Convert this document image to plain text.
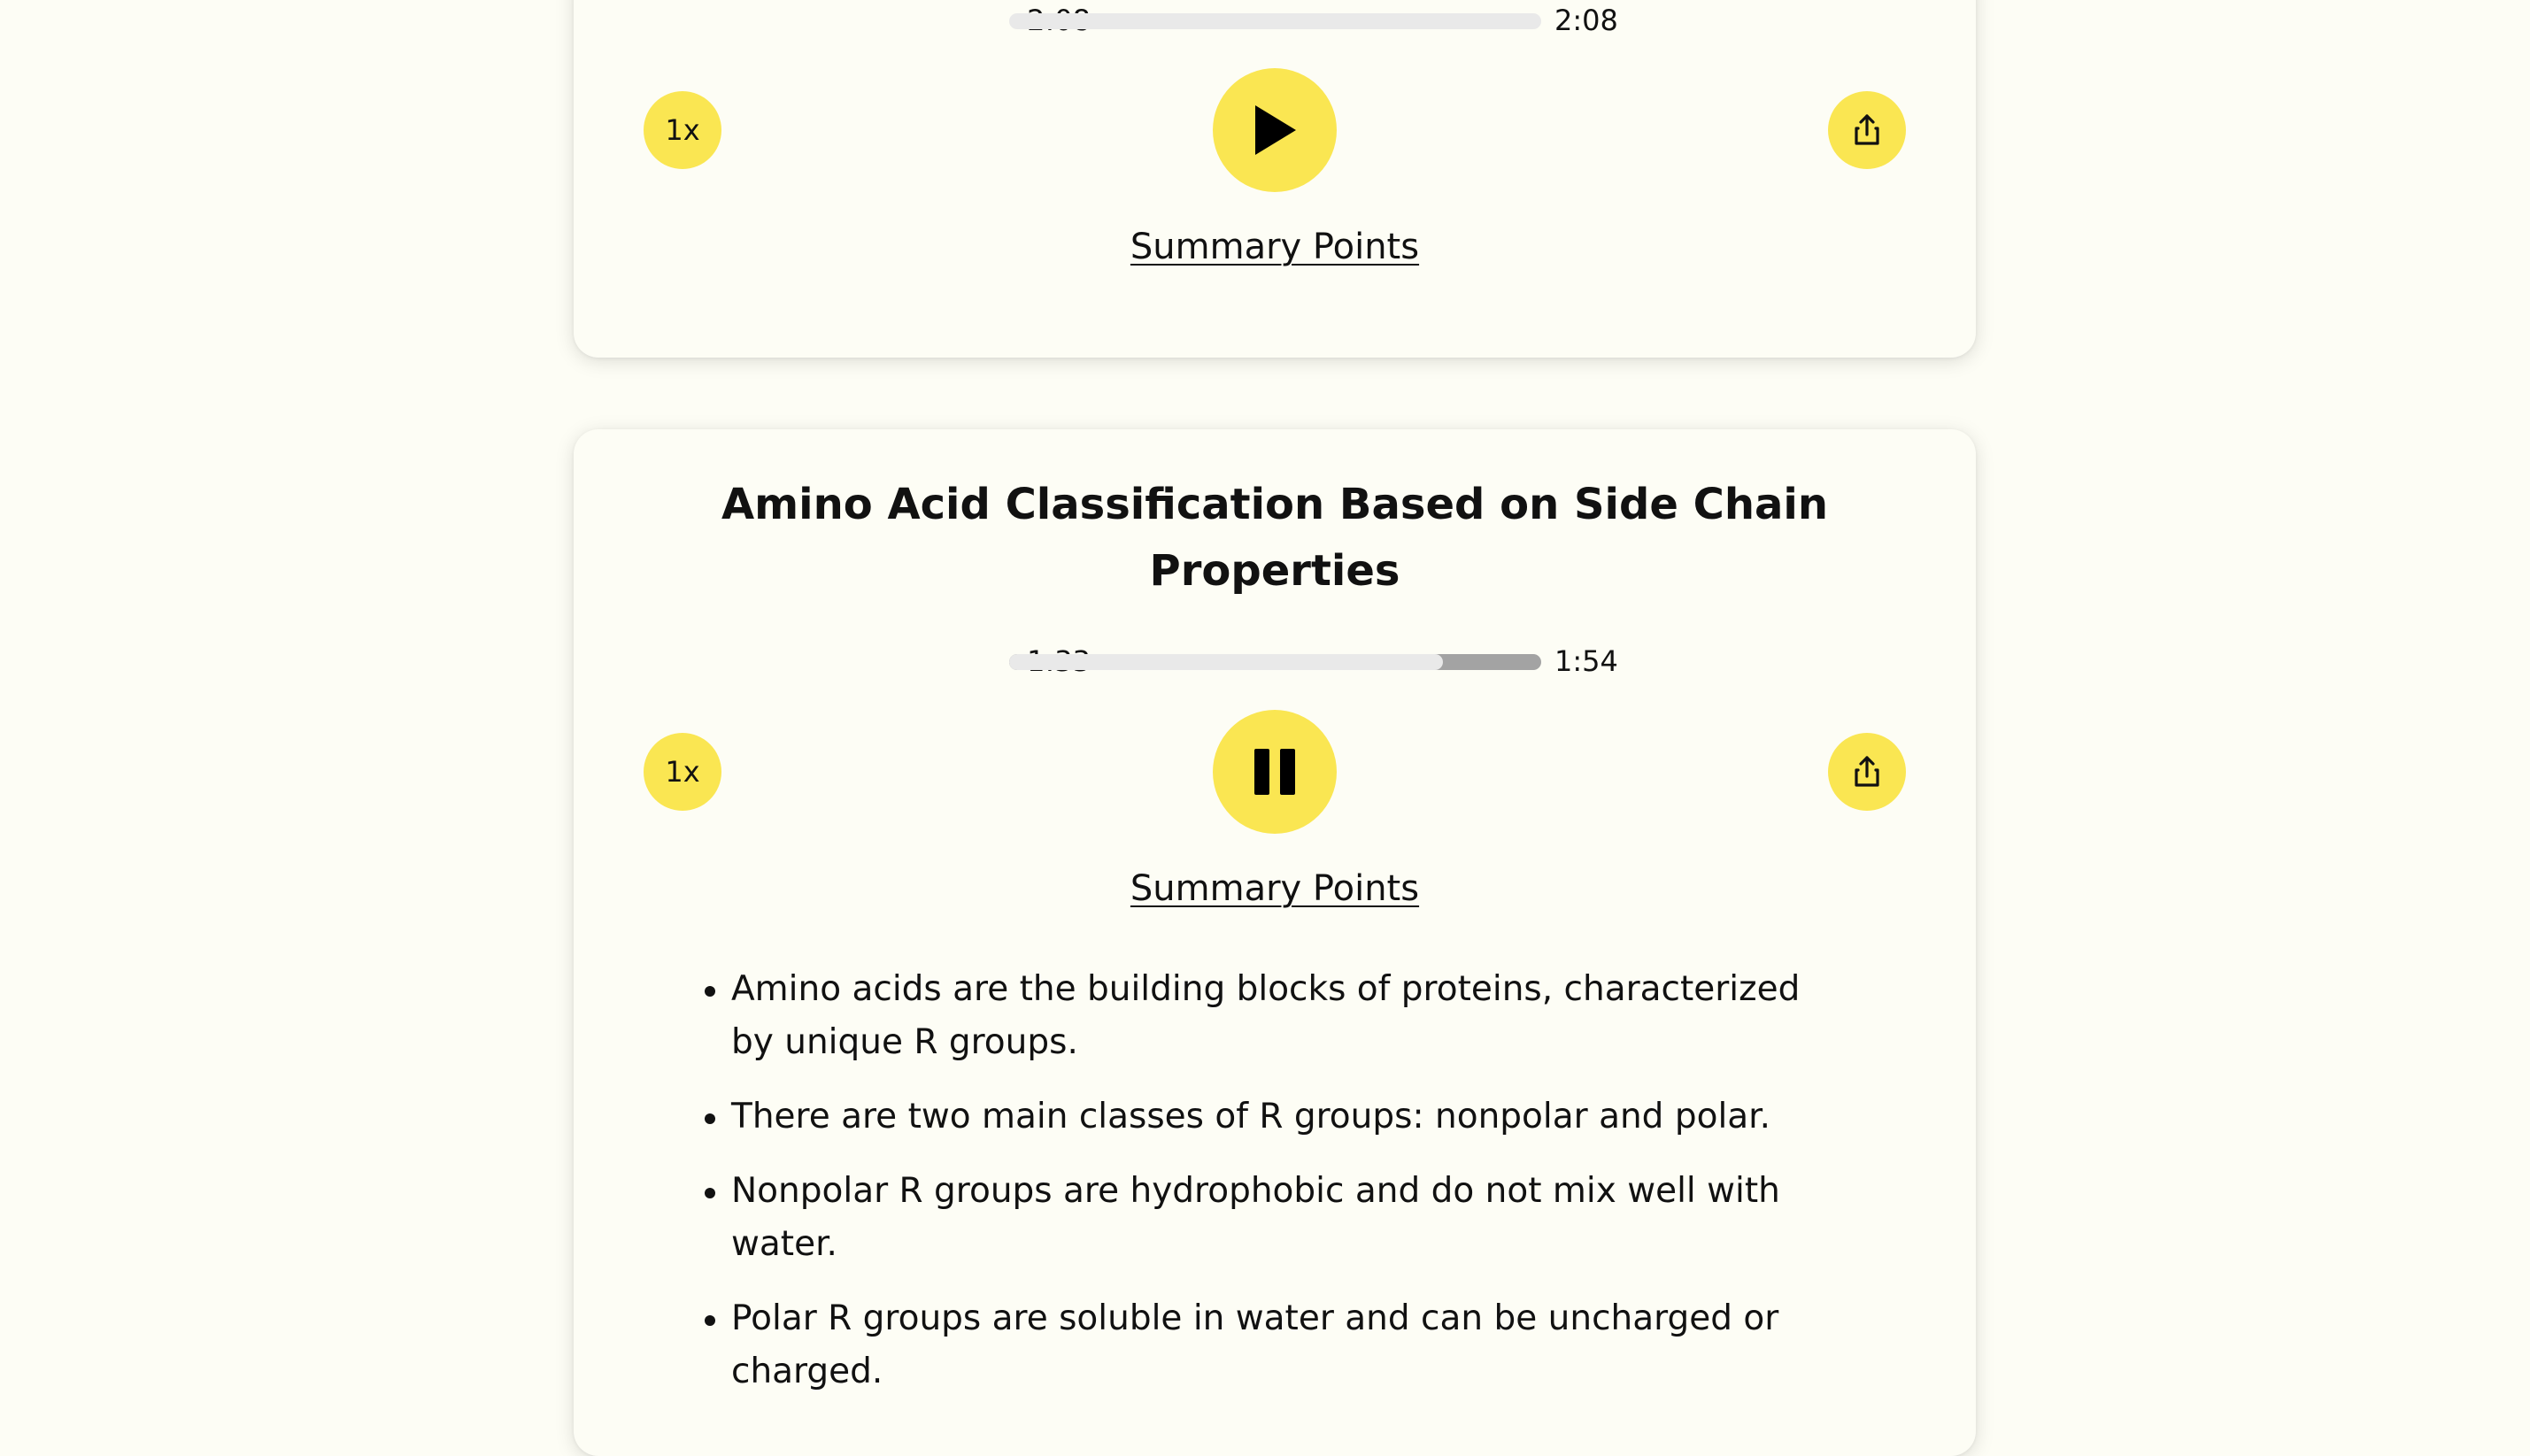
2:08
1x
Summary Points
Amino Acid Classification Based on Side Chain Properties
1:54
1x
Summary Points
Amino acids are the building blocks of proteins, characterized by unique R groups.
There are two main classes of R groups: nonpolar and polar.
Nonpolar R groups are hydrophobic and do not mix well with water.
Polar R groups are soluble in water and can be uncharged or charged.
